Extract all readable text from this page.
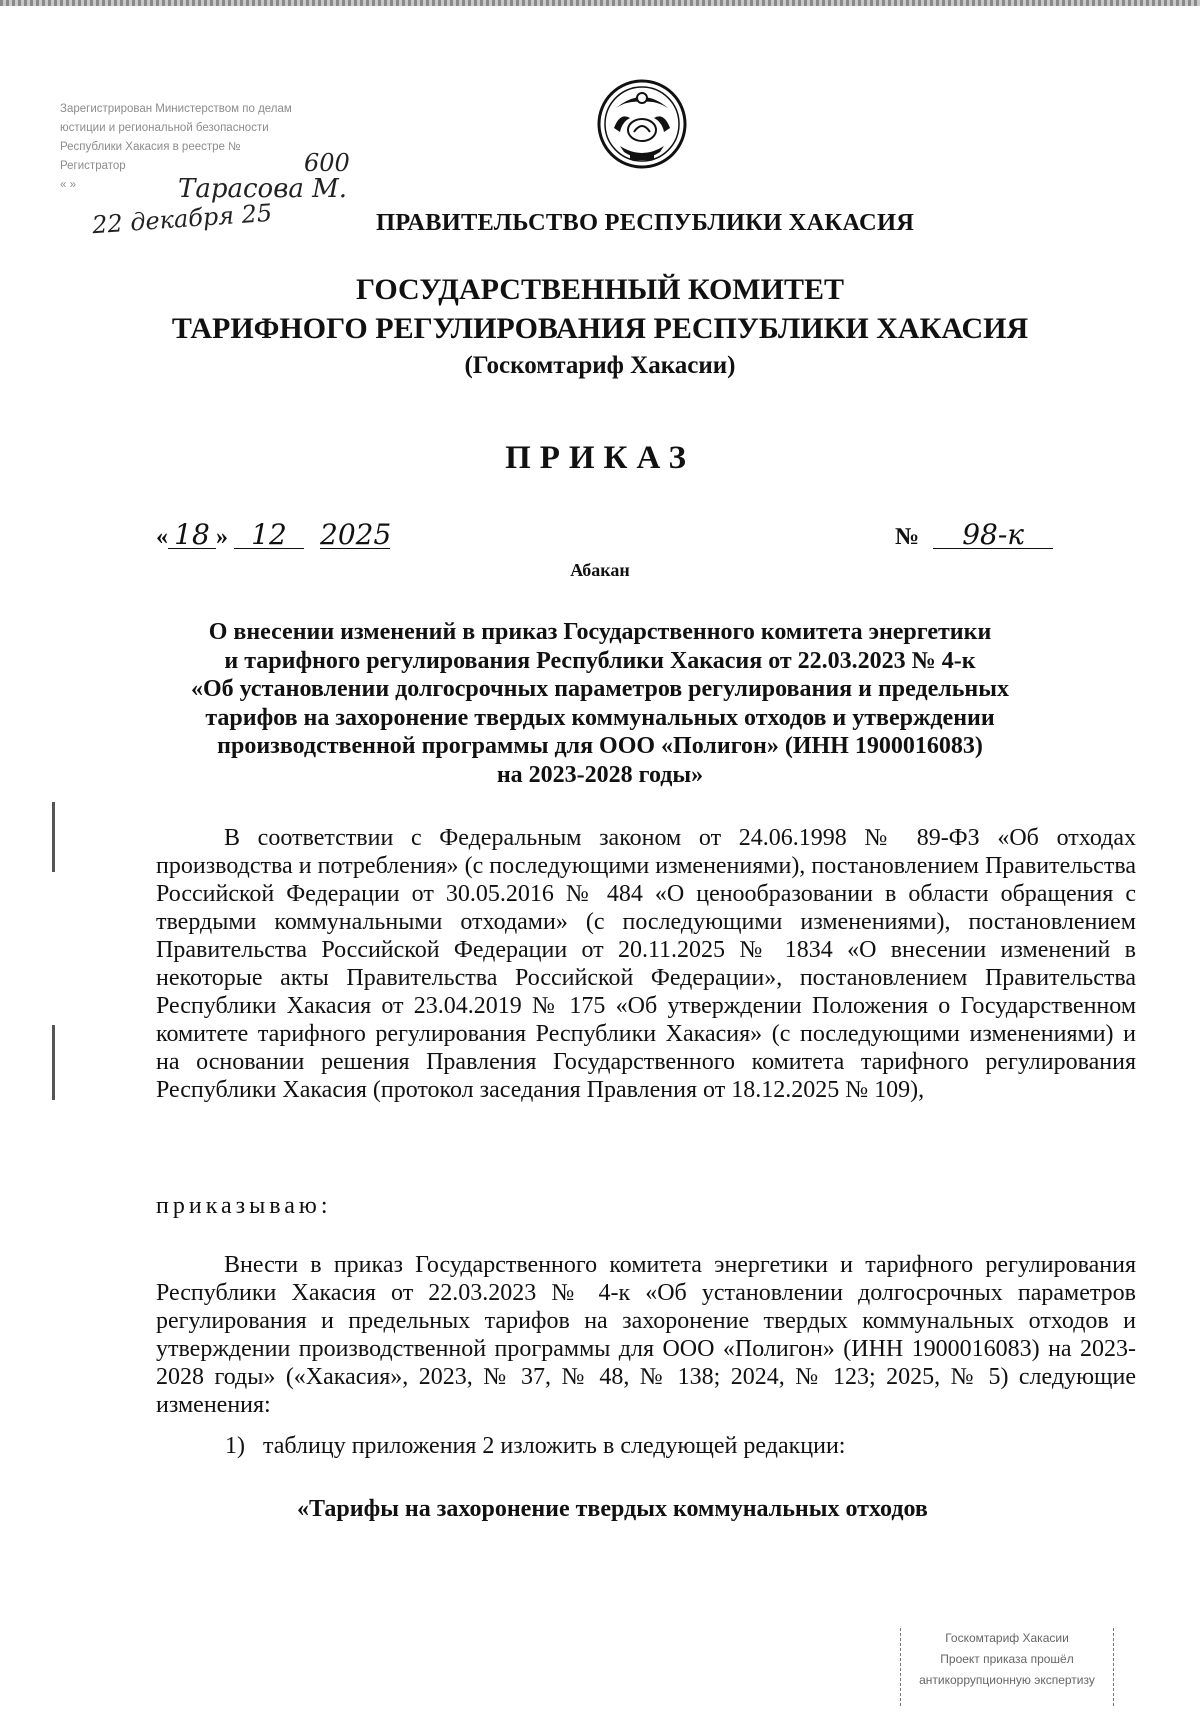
Зарегистрирован Министерством по делам
юстиции и региональной безопасности
Республики Хакасия в реестре №
Регистратор
« »
600
Тарасова М.
22 декабря 25	ПРАВИТЕЛЬСТВО РЕСПУБЛИКИ ХАКАСИЯ
ГОСУДАРСТВЕННЫЙ КОМИТЕТ
ТАРИФНОГО РЕГУЛИРОВАНИЯ РЕСПУБЛИКИ ХАКАСИЯ
(Госкомтариф Хакасии)
ПРИКАЗ
« 18 » 12 2025	№ 98-к
Абакан
О внесении изменений в приказ Государственного комитета энергетики
и тарифного регулирования Республики Хакасия от 22.03.2023 № 4-к
«Об установлении долгосрочных параметров регулирования и предельных
тарифов на захоронение твердых коммунальных отходов и утверждении
производственной программы для ООО «Полигон» (ИНН 1900016083)
на 2023-2028 годы»
В соответствии с Федеральным законом от 24.06.1998 № 89-ФЗ «Об отходах производства и потребления» (с последующими изменениями), постановлением Правительства Российской Федерации от 30.05.2016 № 484 «О ценообразовании в области обращения с твердыми коммунальными отходами» (с последующими изменениями), постановлением Правительства Российской Федерации от 20.11.2025 № 1834 «О внесении изменений в некоторые акты Правительства Российской Федерации», постановлением Правительства Республики Хакасия от 23.04.2019 № 175 «Об утверждении Положения о Государственном комитете тарифного регулирования Республики Хакасия» (с последующими изменениями) и на основании решения Правления Государственного комитета тарифного регулирования Республики Хакасия (протокол заседания Правления от 18.12.2025 № 109),
приказываю:
Внести в приказ Государственного комитета энергетики и тарифного регулирования Республики Хакасия от 22.03.2023 № 4-к «Об установлении долгосрочных параметров регулирования и предельных тарифов на захоронение твердых коммунальных отходов и утверждении производственной программы для ООО «Полигон» (ИНН 1900016083) на 2023-2028 годы» («Хакасия», 2023, № 37, № 48, № 138; 2024, № 123; 2025, № 5) следующие изменения:
1) таблицу приложения 2 изложить в следующей редакции:
«Тарифы на захоронение твердых коммунальных отходов
Госкомтариф Хакасии
Проект приказа прошёл
антикоррупционную экспертизу
